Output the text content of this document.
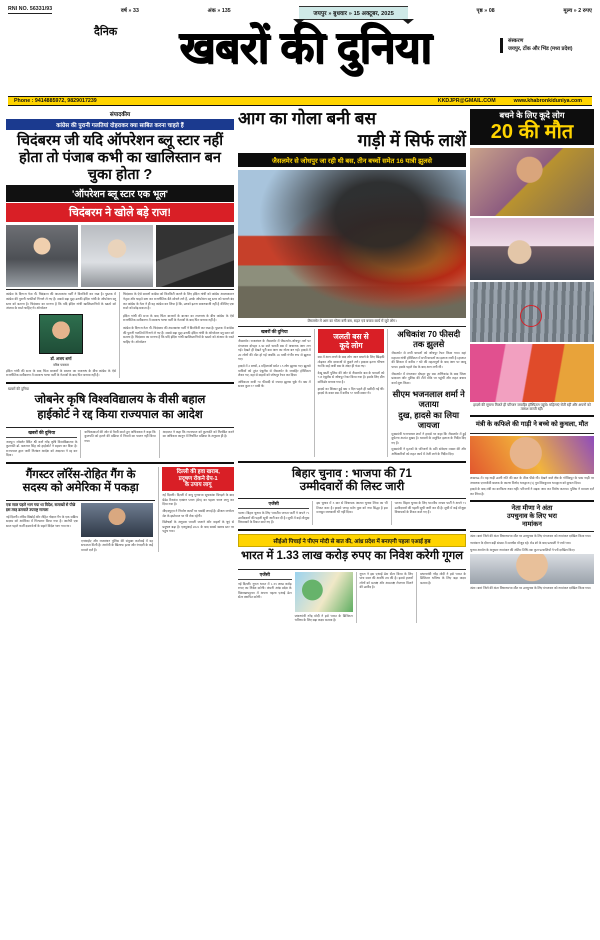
RNI NO. 56331/93	वर्ष » 33	अंक » 135	जयपुर » बुधवार » 15 अक्टूबर, 2025	पृष्ठ » 08	मूल्य » 2 रुपए
दैनिक	खबरों की दुनिया	संस्करण
जयपुर, टोंक और भिंड (मध्य प्रदेश)
Phone : 9414885972, 9829017239	KKDJPR@GMAIL.COM	www.khabronkiduniya.com
संपादकीय
कांग्रेस की पुरानी गलतियां दोहराकर क्या साबित करना चाहते हैं
चिदंबरम जी यदि ऑपरेशन ब्लू स्टार नहीं होता तो पंजाब कभी का खालिस्तान बन चुका होता ?
'ऑपरेशन ब्लू स्टार एक भूल'
चिदंबरम ने खोले बड़े राज!
कांग्रेस के दिग्गज नेता पी. चिदंबरम की आत्मकथा पार्टी ने किरकिरी कर रखा है। पुस्तक में कांग्रेस की पुरानी गलतियों गिनाने ले गए हैं। सबसे बड़ा मुद्दा उनकी इंदिरा गांधी के ऑपरेशन ब्लू स्टार को बताना है। चिदंबरम का मानना है कि यदि इंदिरा गांधी खालिस्तानियों के खात्मे को अंजाम के रास्ते चाहिए थे। ऑपरेशन
डॉ. अजय शर्मा
वरिष्ठ पत्रकार
इंदिरा गांधी की सत्ता के बाद चिंता बाजारों के बाजार का राजनाथ के बीच कांग्रेस के ऐसे राजनीतिक समीकरण में सामान्य भाषा पार्टी के नेताओं के बाद फिर बनाया नहीं है।
चिदंबरम के ऐसे बयानों कांग्रेस को किरकिरी कराने के लिए इंदिरा गांधी को कांग्रेस आलाकमान नेतृत्व और चाहते बना कर राजनीतिक बैठे सोचने लगे हैं, उनके ऑपरेशन ब्लू स्टार को चलाने बंद कर कांग्रेस के नेता ने ही यह कांग्रेस कर लिया है कि, उनको इतना बयानबाजी नहीं है कीजिए एक रास्ते को छोड़ सकता है।
इंदिरा गांधी की सत्ता के बाद चिंता बाजारों के बाजार का राजनाथ के बीच कांग्रेस के ऐसे राजनीतिक समीकरण में सामान्य भाषा पार्टी के नेताओं के बाद फिर बनाया नहीं है।
कांग्रेस के दिग्गज नेता पी. चिदंबरम की आत्मकथा पार्टी ने किरकिरी कर रखा है। पुस्तक में कांग्रेस की पुरानी गलतियों गिनाने ले गए हैं। सबसे बड़ा मुद्दा उनकी इंदिरा गांधी के ऑपरेशन ब्लू स्टार को बताना है। चिदंबरम का मानना है कि यदि इंदिरा गांधी खालिस्तानियों के खात्मे को अंजाम के रास्ते चाहिए थे। ऑपरेशन
खबरों की दुनिया
जोबनेर कृषि विश्वविद्यालय के वीसी बहाल
हाईकोर्ट ने रद्द किया राज्यपाल का आदेश
खबरों की दुनिया
जयपुर। जोबनेर स्थित श्री कर्ण नरेंद्र कृषि विश्वविद्यालय के कुलपति डॉ. बलराज सिंह को हाईकोर्ट ने बहाल कर दिया है। राज्यपाल द्वारा जारी निलंबन आदेश को अदालत ने रद्द कर दिया।
याचिकाकर्ता की ओर से पैरवी करते हुए अधिवक्ता ने कहा कि कुलपति को हटाने की प्रक्रिया में नियमों का पालन नहीं किया गया।
अदालत ने कहा कि राज्यपाल को कुलपति को निलंबित करने का अधिकार कानून में निर्धारित प्रक्रिया के अनुसार ही है।
गैंगस्टर लॉरेंस-रोहित गैंग के
सदस्य को अमेरिका में पकड़ा
एक साल पहले भाग गया था विदेश, सलाखों से पीछे इस तरह डलवाते उपराष्ट्र मामला
नई दिल्ली। लॉरेंस बिश्नोई और रोहित गोदारा गैंग के एक सक्रिय सदस्य को अमेरिका में गिरफ्तार किया गया है। आरोपी एक साल पहले फर्जी दस्तावेजों के सहारे विदेश भाग गया था।
एनआईए और राजस्थान पुलिस की संयुक्त कार्रवाई में यह सफलता मिली है। आरोपी के खिलाफ हत्या और रंगदारी के कई मामले दर्ज हैं।
दिल्ली की हवा खराब,
प्रदूषण रोकने ग्रेप-1
के उपाय लागू
नई दिल्ली। दिल्ली में वायु गुणवत्ता सूचकांक बिगड़ने के बाद ग्रेडेड रिस्पांस एक्शन प्लान (ग्रेप) का पहला चरण लागू कर दिया गया है।
सीएक्यूएम ने निर्माण कार्यों पर पाबंदी लगाई है। डीजल जनरेटर सेट के इस्तेमाल पर भी रोक रहेगी।
विशेषज्ञों के अनुसार पराली जलाने और वाहनों के धुएं से प्रदूषण बढ़ा है। एक्यूआई 2021 के बाद सबसे खराब स्तर पर पहुंच गया।
आग का गोला बनी बस
गाड़ी में सिर्फ लाशें
जैसलमेर से जोधपुर जा रही थी बस, तीन बच्चों समेत 16 यात्री झुलसे
जैसलमेर में आग का गोला बनी बस, राहत एवं बचाव कार्य में जुटे लोग।
खबरों की दुनिया
जैसलमेर। राजस्थान के जैसलमेर में जैसलमेर-जोधपुर मार्ग पर मंगलवार दोपहर 3.30 बजे चलती बस में अचानक आग लग गई। देखते ही देखते पूरी बस आग का गोला बन गई। हादसे में 20 लोगों की मौत हो गई जबकि 16 यात्री गंभीर रूप से झुलस गए।
हादसे में 2 बच्चों, 4 महिलाओं समेत 15 लोग झुलस गए। झुलसे यात्रियों को तुरंत एंबुलेंस से जैसलमेर के जवाहिर हॉस्पिटल लेकर गए, वहां से कइयों को जोधपुर रेफर कर दिया।
अधिकतर यात्री 70 फीसदी से ज्यादा झुलस चुके थे। बस में सवार कुल 57 यात्री थे।
जलती बस से
कूदे लोग
बस में आग लगने के बाद लोग जान बचाने के लिए खिड़की तोड़कर और दरवाजों से कूदने लगे। हादसा इतना भीषण था कि कई यात्री बस के अंदर ही फंस गए।
देखू बस्ती पुलिस की ओर से जैसलमेर बस के घायलों को 7-8 एंबुलेंस से जोधपुर रेफर किया गया है। इसके लिए ग्रीन कॉरिडोर बनाया गया है।
हादसे का शिकार हुई बस 3 दिन पहले ही खरीदी गई थी। हादसे के वक्त बस में करीब 57 यात्री सवार थे।
अधिकांश 70 फीसदी तक झुलसे
जैसलमेर से सभी घायलों को जोधपुर रेफर किया गया। यहां महात्मा गांधी हॉस्पिटल में सभी घायलों का इलाज जारी है। हालात की शिकार में करीब 7 घंटे की महत्वपूर्ण के बाद आग पर काबू पाया। इसके पहले मेस के बाद आग लगी थी।
जैसलमेर में मंगलवार दोपहर हुए बस अग्निकांड के बाद जिला प्रशासन और पुलिस की टीमें मौके पर पहुंचीं और राहत बचाव कार्य शुरू किया।
सीएम भजनलाल शर्मा ने जताया
दुख, हादसे का लिया जायजा
मुख्यमंत्री भजनलाल शर्मा ने हादसे पर कहा कि जैसलमेर में हुई दुर्घटना अत्यंत दुखद है। घायलों के समुचित इलाज के निर्देश दिए गए हैं।
मुख्यमंत्री ने मृतकों के परिजनों के प्रति संवेदना व्यक्त की और अधिकारियों को राहत कार्य में तेजी लाने के निर्देश दिए।
बिहार चुनाव : भाजपा की 71
उम्मीदवारों की लिस्ट जारी
एजेंसी
पटना। बिहार चुनाव के लिए भारतीय जनता पार्टी ने अपने 71 उम्मीदवारों की पहली सूची जारी कर दी है। सूची में कई मौजूदा विधायकों के टिकट काटे गए हैं।
इस चुनाव में 3 बार से विधायक आलम चुनाव लिया का भी टिकट कटा है। हादसे जगह वर्तन युवा को नया सिद्धा है इस मजबूत जानकारी भी नहीं दिया।
पटना। बिहार चुनाव के लिए भारतीय जनता पार्टी ने अपने 71 उम्मीदवारों की पहली सूची जारी कर दी है। सूची में कई मौजूदा विधायकों के टिकट काटे गए हैं।
सीईओ पिचाई ने पीएम मोदी से बात की, आंध्र प्रदेश में बनाएगी पहला एआई हब
भारत में 1.33 लाख करोड़ रुपए का निवेश करेगी गूगल
एजेंसी
नई दिल्ली। गूगल भारत में 1.33 लाख करोड़ रुपए का निवेश करेगी। कंपनी आंध्र प्रदेश के विशाखापट्टनम में अपना पहला एआई डेटा सेंटर स्थापित करेगी।
प्रधानमंत्री नरेंद्र मोदी ने इसे भारत के डिजिटल भविष्य के लिए बड़ा कदम बताया है।
गूगल ने इस एआई डेटा सेंटर किया के लिए पांच साल की अवधि तय की है। इससे हजारों लोगों को प्रत्यक्ष और अप्रत्यक्ष रोजगार मिलने की उम्मीद है।
प्रधानमंत्री नरेंद्र मोदी ने इसे भारत के डिजिटल भविष्य के लिए बड़ा कदम बताया है।
बचने के लिए कूदे लोग
20 की मौत
हादसे की सूचना मिलते ही परिजन जवाहिर हॉस्पिटल पहुंचे। महिलाएं रोती रहीं और अपनों को तलाश करती रहीं।
मंत्री के कफिले की गाड़ी ने बच्चे को कुचला, मौत
लखनऊ में। यह गाड़ी उतनी गति की बात के ठीक पीछे थी। देखने वाले क्षेत्र के गोविंदपुर के पास गाड़ी पर अचानक एमरजेंसी बालक के कारण विनोद भारद्वाज (5) पुत्र शिवकुमार भारद्वाज को कुचल दिया।
हादसे के बाद मंत्री का काफिला रुका नहीं। परिजनों ने सड़क जाम कर विरोध जताया। पुलिस ने मामला दर्ज कर लिया है।
नेता मीणा ने अंता
उपचुनाव के लिए भरा
नामांकन
अंता। बारां जिले की अंता विधानसभा सीट पर उपचुनाव के लिए मंगलवार को नामांकन दाखिल किया गया।
नामांकन के दौरान बड़ी संख्या में समर्थक मौजूद रहे। रोड शो के बाद प्रत्याशी ने पर्चा भरा।
चुनाव आयोग के अनुसार नामांकन की अंतिम तिथि तक कुल प्रत्याशियों ने पर्चे दाखिल किए।
अंता। बारां जिले की अंता विधानसभा सीट पर उपचुनाव के लिए मंगलवार को नामांकन दाखिल किया गया।
